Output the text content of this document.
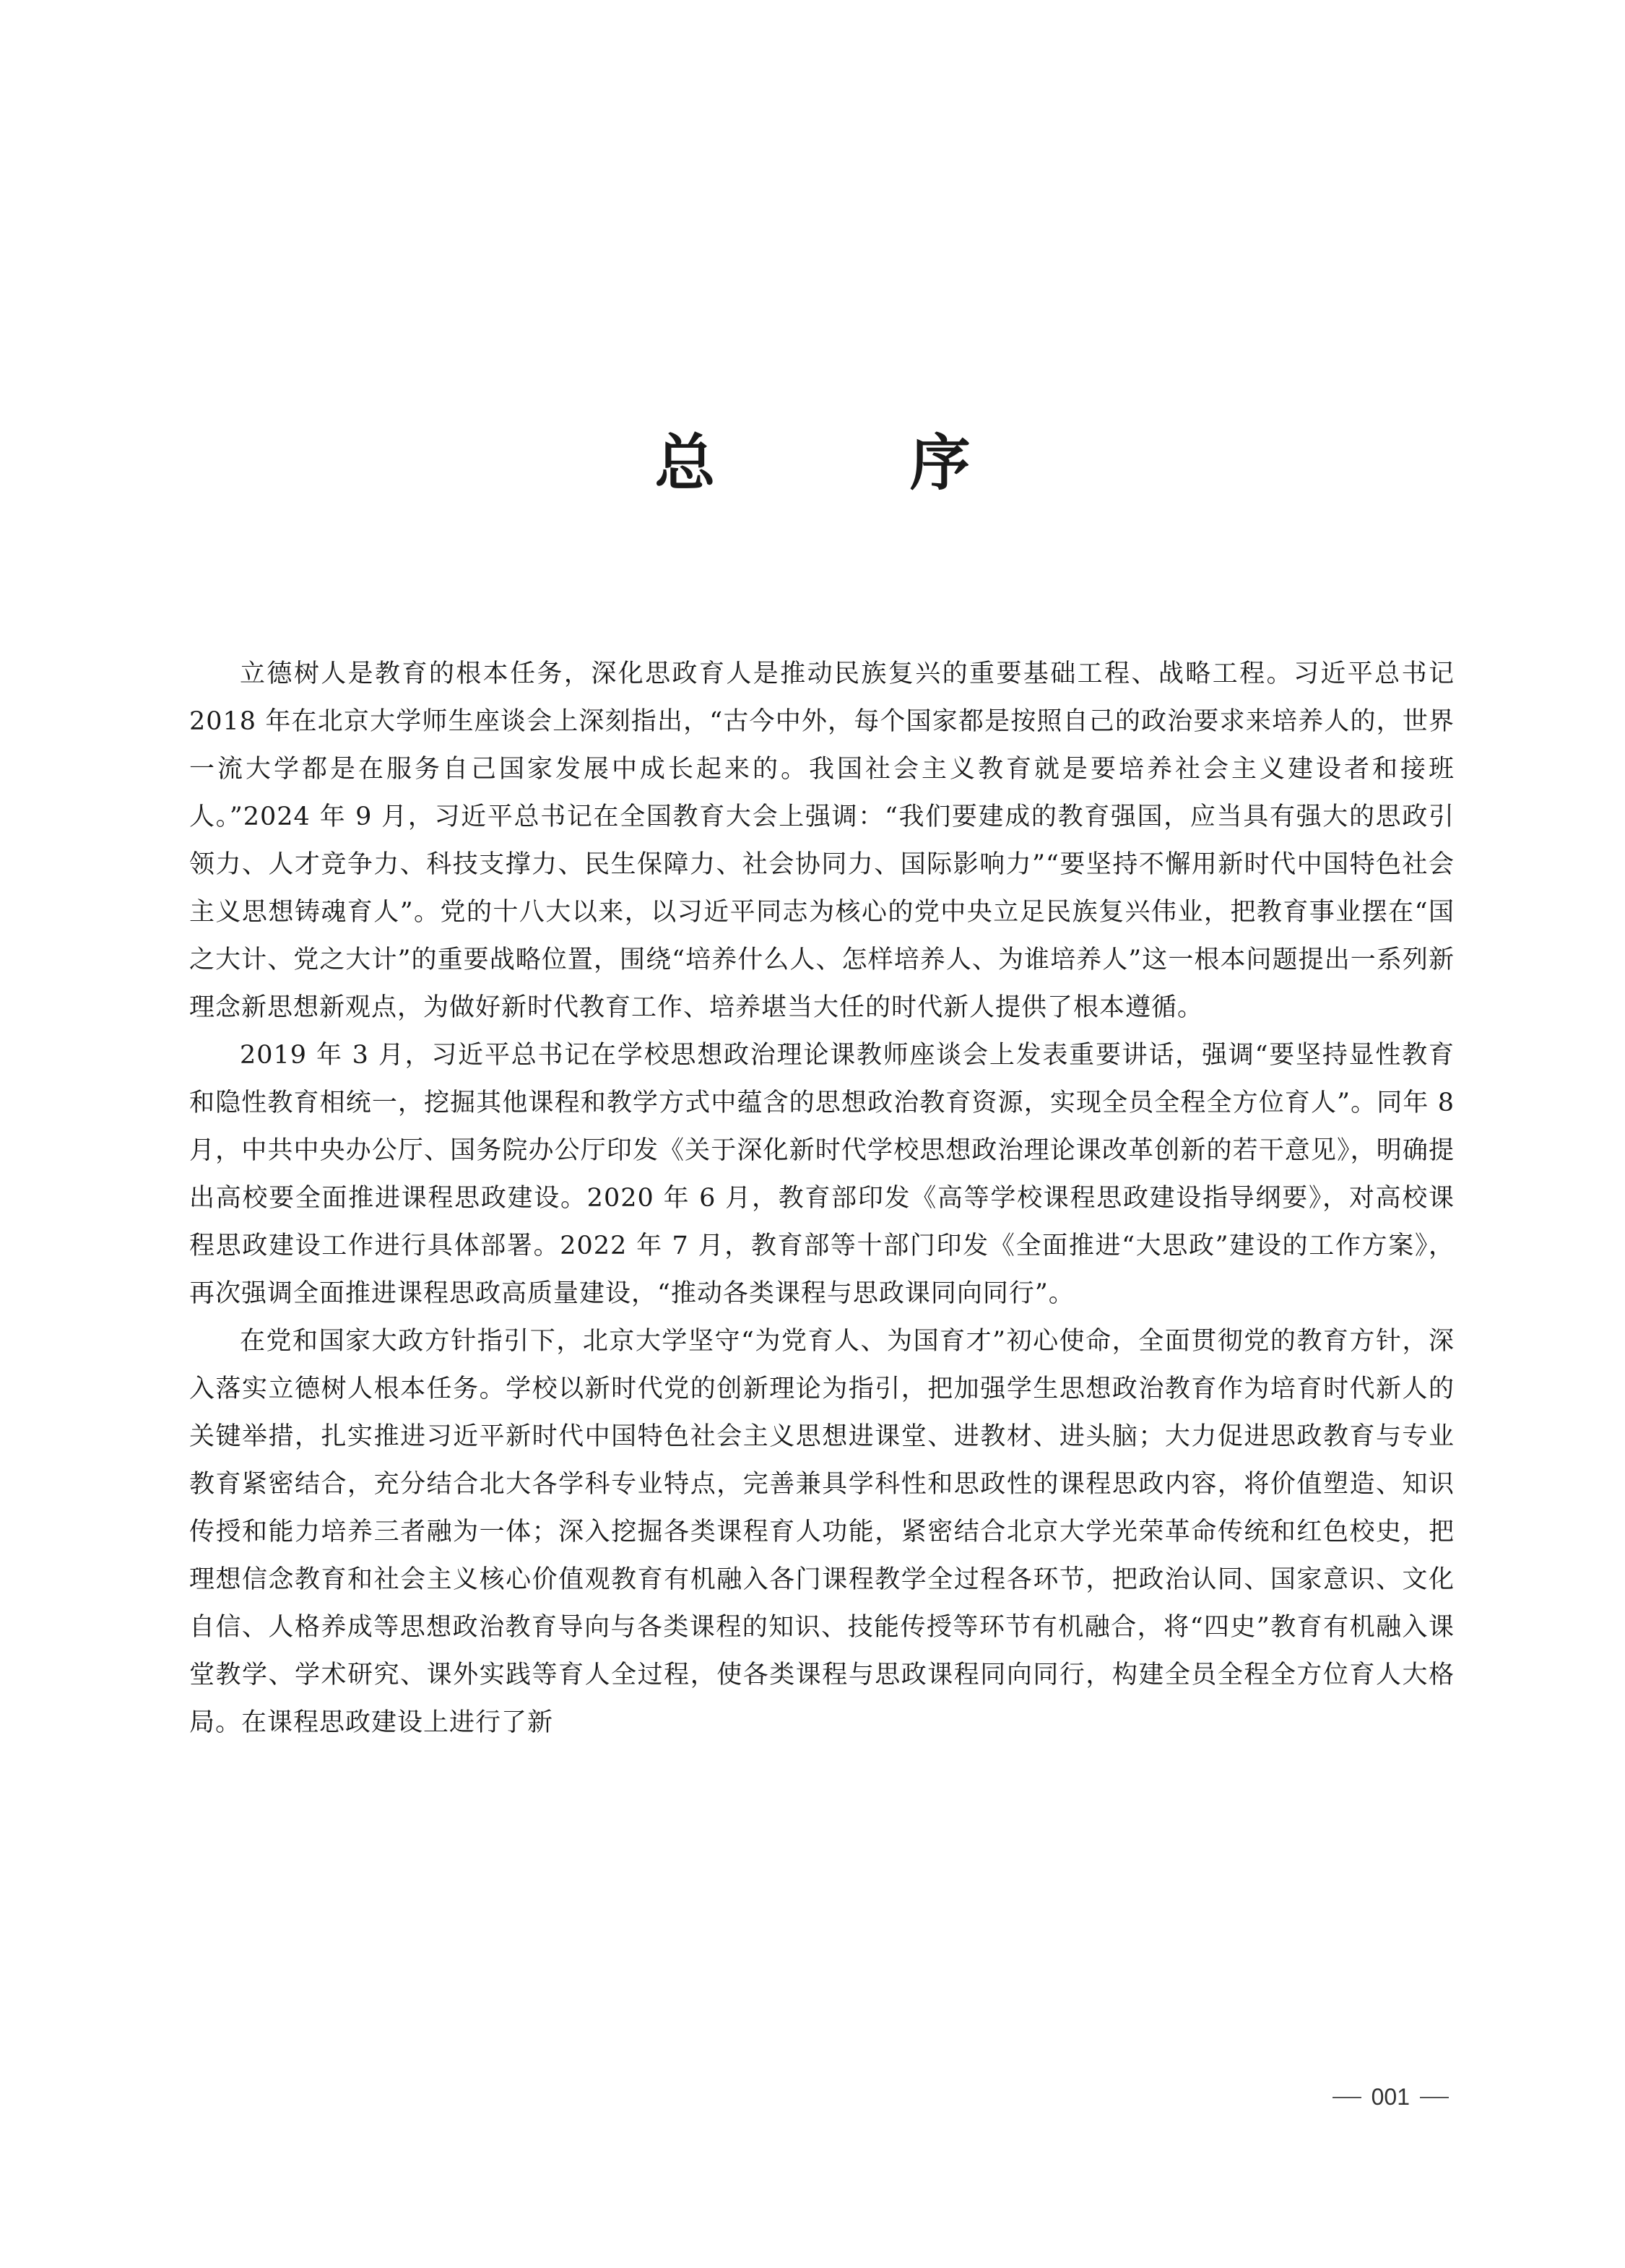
总 序

立德树人是教育的根本任务，深化思政育人是推动民族复兴的重要基础工程、战略工程。习近平总书记 2018 年在北京大学师生座谈会上深刻指出，“古今中外，每个国家都是按照自己的政治要求来培养人的，世界一流大学都是在服务自己国家发展中成长起来的。我国社会主义教育就是要培养社会主义建设者和接班人。”2024 年 9 月，习近平总书记在全国教育大会上强调：“我们要建成的教育强国，应当具有强大的思政引领力、人才竞争力、科技支撑力、民生保障力、社会协同力、国际影响力”“要坚持不懈用新时代中国特色社会主义思想铸魂育人”。党的十八大以来，以习近平同志为核心的党中央立足民族复兴伟业，把教育事业摆在“国之大计、党之大计”的重要战略位置，围绕“培养什么人、怎样培养人、为谁培养人”这一根本问题提出一系列新理念新思想新观点，为做好新时代教育工作、培养堪当大任的时代新人提供了根本遵循。

2019 年 3 月，习近平总书记在学校思想政治理论课教师座谈会上发表重要讲话，强调“要坚持显性教育和隐性教育相统一，挖掘其他课程和教学方式中蕴含的思想政治教育资源，实现全员全程全方位育人”。同年 8 月，中共中央办公厅、国务院办公厅印发《关于深化新时代学校思想政治理论课改革创新的若干意见》，明确提出高校要全面推进课程思政建设。2020 年 6 月，教育部印发《高等学校课程思政建设指导纲要》，对高校课程思政建设工作进行具体部署。2022 年 7 月，教育部等十部门印发《全面推进“大思政”建设的工作方案》，再次强调全面推进课程思政高质量建设，“推动各类课程与思政课同向同行”。

在党和国家大政方针指引下，北京大学坚守“为党育人、为国育才”初心使命，全面贯彻党的教育方针，深入落实立德树人根本任务。学校以新时代党的创新理论为指引，把加强学生思想政治教育作为培育时代新人的关键举措，扎实推进习近平新时代中国特色社会主义思想进课堂、进教材、进头脑；大力促进思政教育与专业教育紧密结合，充分结合北大各学科专业特点，完善兼具学科性和思政性的课程思政内容，将价值塑造、知识传授和能力培养三者融为一体；深入挖掘各类课程育人功能，紧密结合北京大学光荣革命传统和红色校史，把理想信念教育和社会主义核心价值观教育有机融入各门课程教学全过程各环节，把政治认同、国家意识、文化自信、人格养成等思想政治教育导向与各类课程的知识、技能传授等环节有机融合，将“四史”教育有机融入课堂教学、学术研究、课外实践等育人全过程，使各类课程与思政课程同向同行，构建全员全程全方位育人大格局。在课程思政建设上进行了新

001
